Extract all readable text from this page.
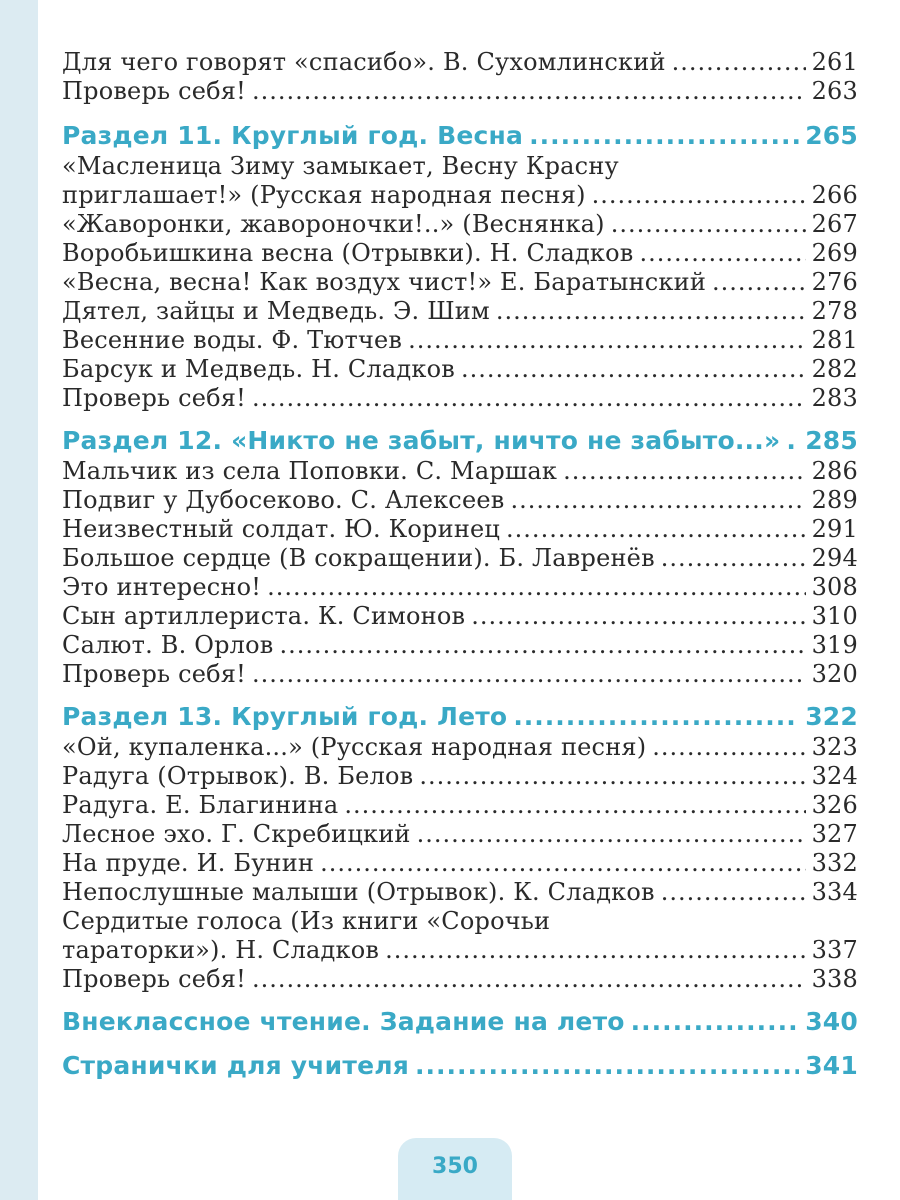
Для чего говорят «спасибо». В. Сухомлинский .....	261
Проверь себя! .....	263
Раздел 11. Круглый год. Весна .....	265
«Масленица Зиму замыкает, Весну Красну
приглашает!» (Русская народная песня) .....	266
«Жаворонки, жавороночки!..» (Веснянка) .....	267
Воробьишкина весна (Отрывки). Н. Сладков .....	269
«Весна, весна! Как воздух чист!» Е. Баратынский .....	276
Дятел, зайцы и Медведь. Э. Шим .....	278
Весенние воды. Ф. Тютчев .....	281
Барсук и Медведь. Н. Сладков .....	282
Проверь себя! .....	283
Раздел 12. «Никто не забыт, ничто не забыто...» ..... 285
Мальчик из села Поповки. С. Маршак .....	286
Подвиг у Дубосеково. С. Алексеев .....	289
Неизвестный солдат. Ю. Коринец .....	291
Большое сердце (В сокращении). Б. Лавренёв .....	294
Это интересно! .....	308
Сын артиллериста. К. Симонов .....	310
Салют. В. Орлов .....	319
Проверь себя! .....	320
Раздел 13. Круглый год. Лето .....	322
«Ой, купаленка...» (Русская народная песня) .....	323
Радуга (Отрывок). В. Белов .....	324
Радуга. Е. Благинина .....	326
Лесное эхо. Г. Скребицкий .....	327
На пруде. И. Бунин .....	332
Непослушные малыши (Отрывок). К. Сладков .....	334
Сердитые голоса (Из книги «Сорочьи
тараторки»). Н. Сладков .....	337
Проверь себя! .....	338
Внеклассное чтение. Задание на лето .....	340
Странички для учителя .....	341
350
